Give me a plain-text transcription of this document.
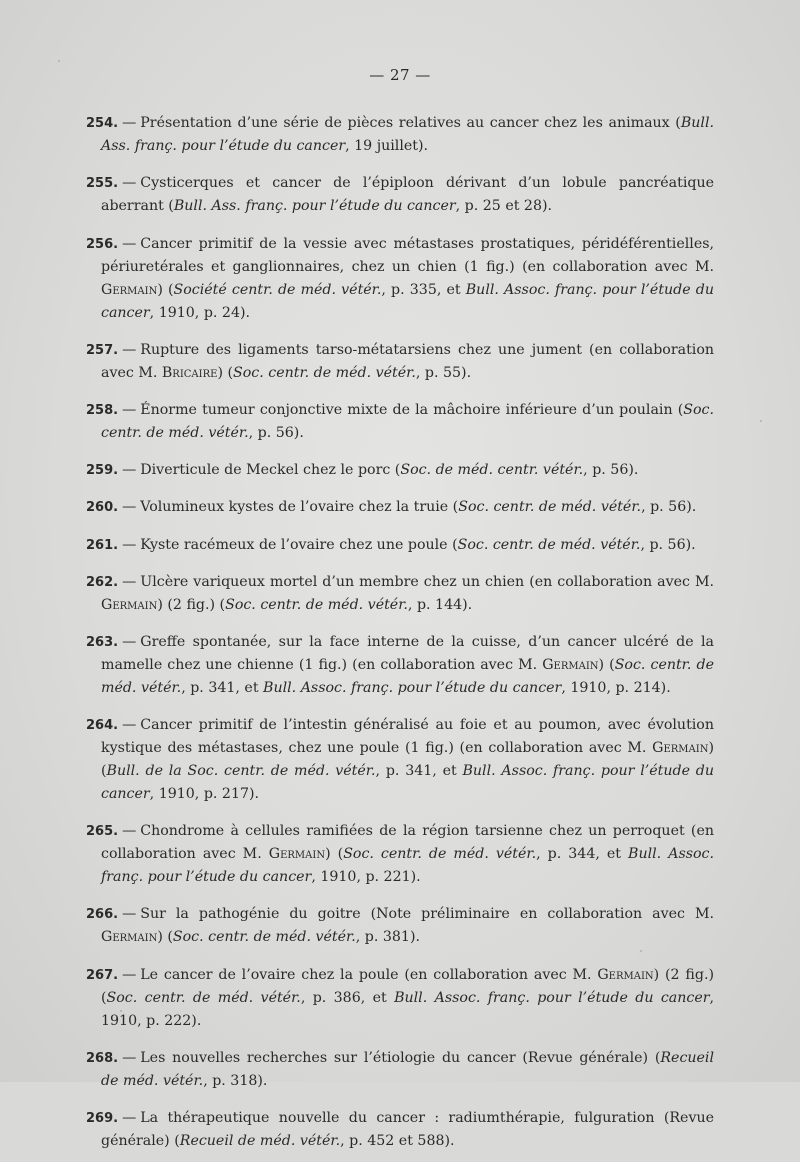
— 27 —

254. — Présentation d’une série de pièces relatives au cancer chez les animaux (Bull. Ass. franç. pour l’étude du cancer, 19 juillet).

255. — Cysticerques et cancer de l’épiploon dérivant d’un lobule pancréatique aberrant (Bull. Ass. franç. pour l’étude du cancer, p. 25 et 28).

256. — Cancer primitif de la vessie avec métastases prostatiques, péridéférentielles, périuretérales et ganglionnaires, chez un chien (1 fig.) (en collaboration avec M. Germain) (Société centr. de méd. vétér., p. 335, et Bull. Assoc. franç. pour l’étude du cancer, 1910, p. 24).

257. — Rupture des ligaments tarso-métatarsiens chez une jument (en collaboration avec M. Bricaire) (Soc. centr. de méd. vétér., p. 55).

258. — Énorme tumeur conjonctive mixte de la mâchoire inférieure d’un poulain (Soc. centr. de méd. vétér., p. 56).

259. — Diverticule de Meckel chez le porc (Soc. de méd. centr. vétér., p. 56).

260. — Volumineux kystes de l’ovaire chez la truie (Soc. centr. de méd. vétér., p. 56).

261. — Kyste racémeux de l’ovaire chez une poule (Soc. centr. de méd. vétér., p. 56).

262. — Ulcère variqueux mortel d’un membre chez un chien (en collaboration avec M. Germain) (2 fig.) (Soc. centr. de méd. vétér., p. 144).

263. — Greffe spontanée, sur la face interne de la cuisse, d’un cancer ulcéré de la mamelle chez une chienne (1 fig.) (en collaboration avec M. Germain) (Soc. centr. de méd. vétér., p. 341, et Bull. Assoc. franç. pour l’étude du cancer, 1910, p. 214).

264. — Cancer primitif de l’intestin généralisé au foie et au poumon, avec évolution kystique des métastases, chez une poule (1 fig.) (en collaboration avec M. Germain) (Bull. de la Soc. centr. de méd. vétér., p. 341, et Bull. Assoc. franç. pour l’étude du cancer, 1910, p. 217).

265. — Chondrome à cellules ramifiées de la région tarsienne chez un perroquet (en collaboration avec M. Germain) (Soc. centr. de méd. vétér., p. 344, et Bull. Assoc. franç. pour l’étude du cancer, 1910, p. 221).

266. — Sur la pathogénie du goitre (Note préliminaire en collaboration avec M. Germain) (Soc. centr. de méd. vétér., p. 381).

267. — Le cancer de l’ovaire chez la poule (en collaboration avec M. Germain) (2 fig.) (Soc. centr. de méd. vétér., p. 386, et Bull. Assoc. franç. pour l’étude du cancer, 1910, p. 222).

268. — Les nouvelles recherches sur l’étiologie du cancer (Revue générale) (Recueil de méd. vétér., p. 318).

269. — La thérapeutique nouvelle du cancer : radiumthérapie, fulguration (Revue générale) (Recueil de méd. vétér., p. 452 et 588).
